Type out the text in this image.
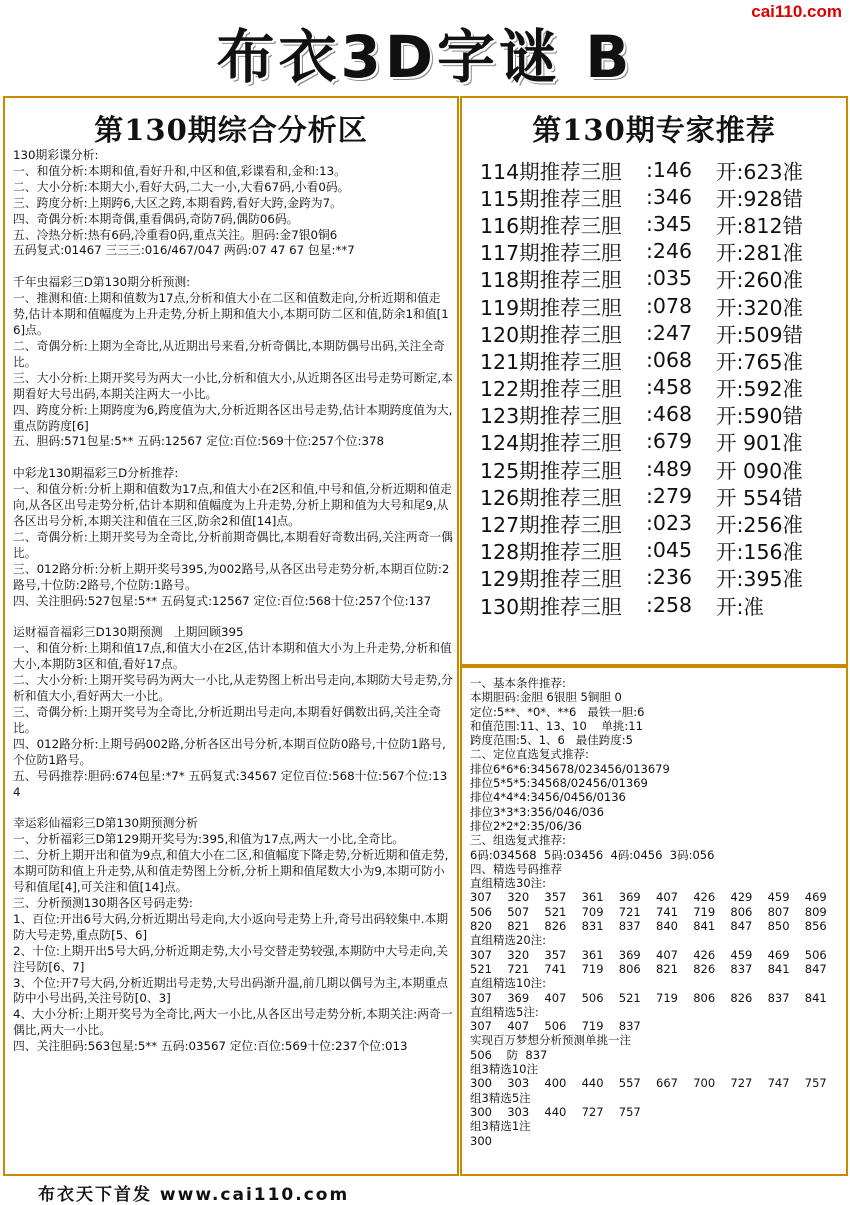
布衣3D字谜 B
cai110.com
第130期综合分析区
130期彩谍分析:
一、和值分析:本期和值,看好升和,中区和值,彩谍看和,金和:13。
二、大小分析:本期大小,看好大码,二大一小,大看67码,小看0码。
三、跨度分析:上期跨6,大区之跨,本期看跨,看好大跨,金跨为7。
四、奇偶分析:本期奇偶,重看偶码,奇防7码,偶防06码。
五、冷热分析:热有6码,冷重看0码,重点关注。胆码:金7银0铜6
五码复式:01467 三三三:016/467/047 两码:07 47 67 包星:**7
千年虫福彩三D第130期分析预测:
一、推测和值:上期和值数为17点,分析和值大小在二区和值数走向,分析近期和值走势,估计本期和值幅度为上升走势,分析上期和值大小,本期可防二区和值,防余1和值[16]点。
二、奇偶分析:上期为全奇比,从近期出号来看,分析奇偶比,本期防偶号出码,关注全奇比。
三、大小分析:上期开奖号为两大一小比,分析和值大小,从近期各区出号走势可断定,本期看好大号出码,本期关注两大一小比。
四、跨度分析:上期跨度为6,跨度值为大,分析近期各区出号走势,估计本期跨度值为大,重点防跨度[6]
五、胆码:571包星:5** 五码:12567 定位:百位:569十位:257个位:378
中彩龙130期福彩三D分析推荐:
一、和值分析:分析上期和值数为17点,和值大小在2区和值,中号和值,分析近期和值走向,从各区出号走势分析,估计本期和值幅度为上升走势,分析上期和值为大号和尾9,从各区出号分析,本期关注和值在三区,防余2和值[14]点。
二、奇偶分析:上期开奖号为全奇比,分析前期奇偶比,本期看好奇数出码,关注两奇一偶比。
三、012路分析:分析上期开奖号395,为002路号,从各区出号走势分析,本期百位防:2路号,十位防:2路号,个位防:1路号。
四、关注胆码:527包星:5** 五码复式:12567 定位:百位:568十位:257个位:137
运财福音福彩三D130期预测   上期回顾395
一、和值分析:上期和值17点,和值大小在2区,估计本期和值大小为上升走势,分析和值大小,本期防3区和值,看好17点。
二、大小分析:上期开奖号码为两大一小比,从走势图上析出号走向,本期防大号走势,分析和值大小,看好两大一小比。
三、奇偶分析:上期开奖号为全奇比,分析近期出号走向,本期看好偶数出码,关注全奇比。
四、012路分析:上期号码002路,分析各区出号分析,本期百位防0路号,十位防1路号,个位防1路号。
五、号码推荐:胆码:674包星:*7* 五码复式:34567 定位百位:568十位:567个位:134
幸运彩仙福彩三D第130期预测分析
一、分析福彩三D第129期开奖号为:395,和值为17点,两大一小比,全奇比。
二、分析上期开出和值为9点,和值大小在二区,和值幅度下降走势,分析近期和值走势,本期可防和值上升走势,从和值走势图上分析,分析上期和值尾数大小为9,本期可防小号和值尾[4],可关注和值[14]点。
三、分析预测130期各区号码走势:
1、百位:开出6号大码,分析近期出号走向,大小返向号走势上升,奇号出码较集中.本期防大号走势,重点防[5、6]
2、十位:上期开出5号大码,分析近期走势,大小号交替走势较强,本期防中大号走向,关注号防[6、7]
3、个位:开7号大码,分析近期出号走势,大号出码渐升温,前几期以偶号为主,本期重点防中小号出码,关注号防[0、3]
4、大小分析:上期开奖号为全奇比,两大一小比,从各区出号走势分析,本期关注:两奇一偶比,两大一小比。
四、关注胆码:563包星:5** 五码:03567 定位:百位:569十位:237个位:013
第130期专家推荐
114期推荐三胆	:146	开:623准
115期推荐三胆	:346	开:928错
116期推荐三胆	:345	开:812错
117期推荐三胆	:246	开:281准
118期推荐三胆	:035	开:260准
119期推荐三胆	:078	开:320准
120期推荐三胆	:247	开:509错
121期推荐三胆	:068	开:765准
122期推荐三胆	:458	开:592准
123期推荐三胆	:468	开:590错
124期推荐三胆	:679	开 901准
125期推荐三胆	:489	开 090准
126期推荐三胆	:279	开 554错
127期推荐三胆	:023	开:256准
128期推荐三胆	:045	开:156准
129期推荐三胆	:236	开:395准
130期推荐三胆	:258	开:准
一、基本条件推荐:
本期胆码:金胆 6银胆 5铜胆 0
定位:5**、*0*、**6   最铁一胆:6
和值范围:11、13、10    单挑:11
跨度范围:5、1、6   最佳跨度:5
二、定位直选复式推荐:
排位6*6*6:345678/023456/013679
排位5*5*5:34568/02456/01369
排位4*4*4:3456/0456/0136
排位3*3*3:356/046/036
排位2*2*2:35/06/36
三、组选复式推荐:
6码:034568  5码:03456  4码:0456  3码:056
四、精选号码推荐
直组精选30注:
307	320	357	361	369	407	426	429	459	469
506	507	521	709	721	741	719	806	807	809
820	821	826	831	837	840	841	847	850	856
直组精选20注:
307	320	357	361	369	407	426	459	469	506
521	721	741	719	806	821	826	837	841	847
直组精选10注:
307	369	407	506	521	719	806	826	837	841
直组精选5注:
307	407	506	719	837
实现百万梦想分析预测单挑一注
506    防  837
组3精选10注
300	303	400	440	557	667	700	727	747	757
组3精选5注
300	303	440	727	757
组3精选1注
300
布衣天下首发 www.cai110.com
